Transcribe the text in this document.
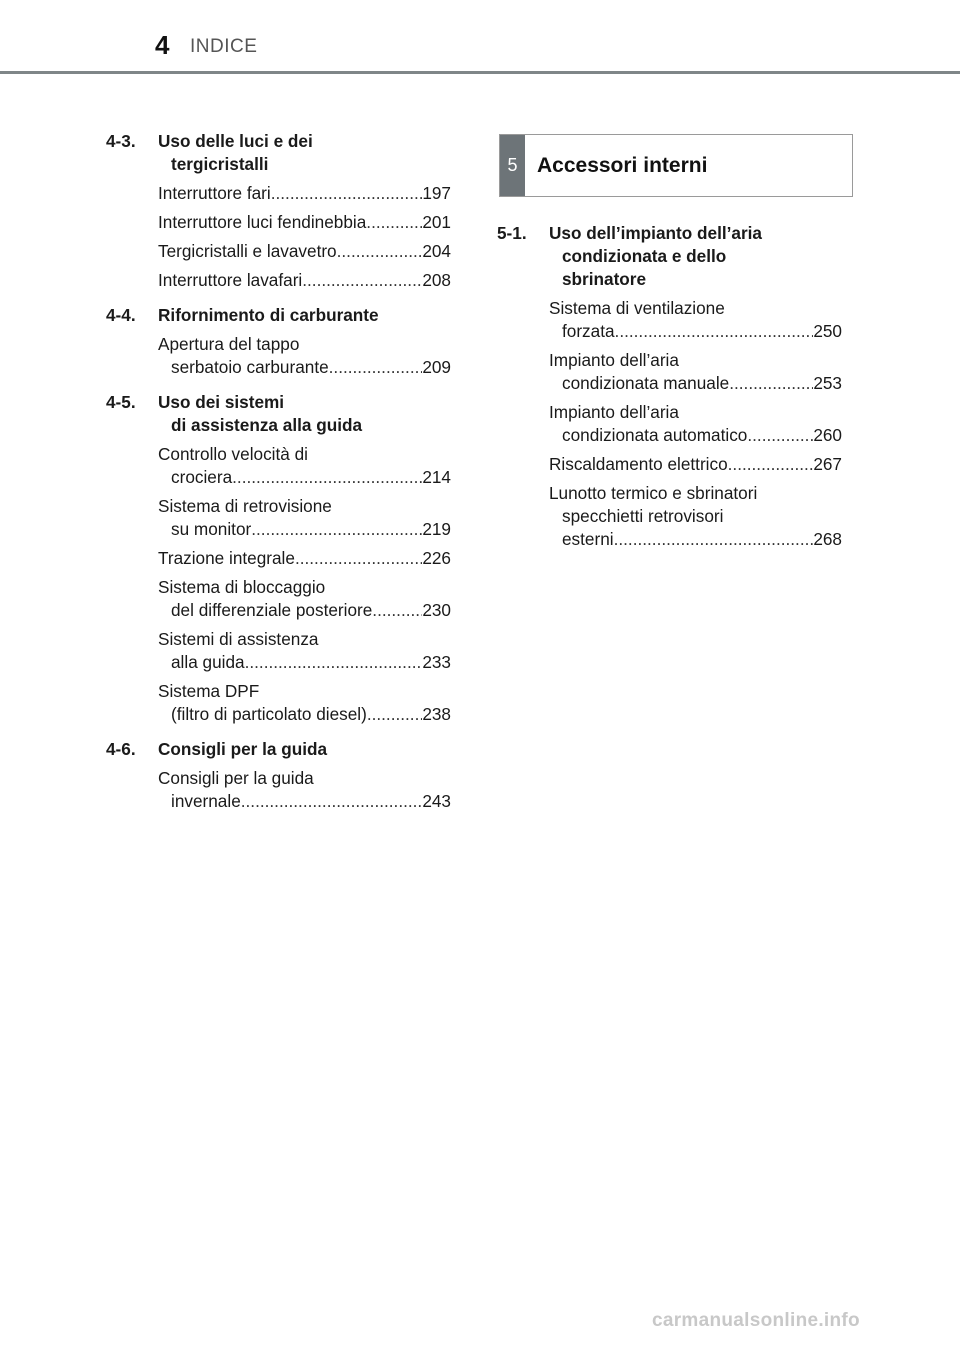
4 INDICE
4-3.	Uso delle luci e dei
tergicristalli
Interruttore fari .....	197
Interruttore luci fendinebbia .....	201
Tergicristalli e lavavetro .....	204
Interruttore lavafari .....	208
4-4.	Rifornimento di carburante
Apertura del tappo
serbatoio carburante .....	209
4-5.	Uso dei sistemi
di assistenza alla guida
Controllo velocità di
crociera .....	214
Sistema di retrovisione
su monitor .....	219
Trazione integrale .....	226
Sistema di bloccaggio
del differenziale posteriore .....	230
Sistemi di assistenza
alla guida .....	233
Sistema DPF
(filtro di particolato diesel) .....	238
4-6.	Consigli per la guida
Consigli per la guida
invernale .....	243
5 Accessori interni
5-1.	Uso dell’impianto dell’aria
condizionata e dello
sbrinatore
Sistema di ventilazione
forzata .....	250
Impianto dell’aria
condizionata manuale .....	253
Impianto dell’aria
condizionata automatico .....	260
Riscaldamento elettrico .....	267
Lunotto termico e sbrinatori
specchietti retrovisori
esterni .....	268
carmanualsonline.info
